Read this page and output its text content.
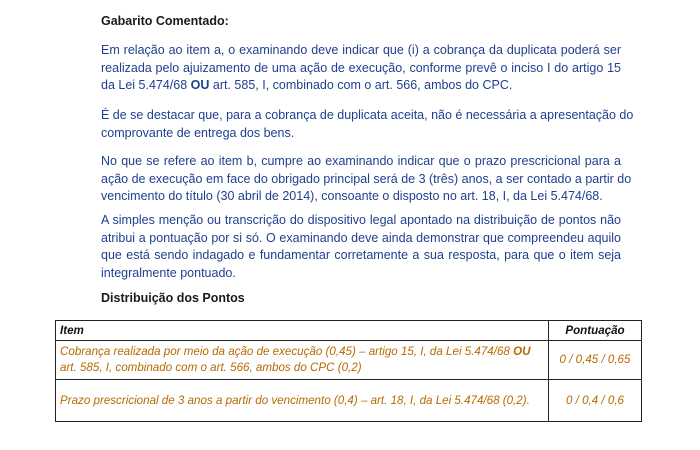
Gabarito Comentado:
Em relação ao item a, o examinando deve indicar que (i) a cobrança da duplicata poderá ser
realizada pelo ajuizamento de uma ação de execução, conforme prevê o inciso I do artigo 15
da Lei 5.474/68 OU art. 585, I, combinado com o art. 566, ambos do CPC.
É de se destacar que, para a cobrança de duplicata aceita, não é necessária a apresentação do
comprovante de entrega dos bens.
No que se refere ao item b, cumpre ao examinando indicar que o prazo prescricional para a
ação de execução em face do obrigado principal será de 3 (três) anos, a ser contado a partir do
vencimento do título (30 abril de 2014), consoante o disposto no art. 18, I, da Lei 5.474/68.
A simples menção ou transcrição do dispositivo legal apontado na distribuição de pontos não
atribui a pontuação por si só. O examinando deve ainda demonstrar que compreendeu aquilo
que está sendo indagado e fundamentar corretamente a sua resposta, para que o item seja
integralmente pontuado.
Distribuição dos Pontos
Item	Pontuação
Cobrança realizada por meio da ação de execução (0,45) – artigo 15, I, da Lei 5.474/68 OU
art. 585, I, combinado com o art. 566, ambos do CPC (0,2)	0 / 0,45 / 0,65
Prazo prescricional de 3 anos a partir do vencimento (0,4) – art. 18, I, da Lei 5.474/68 (0,2).	0 / 0,4 / 0,6
